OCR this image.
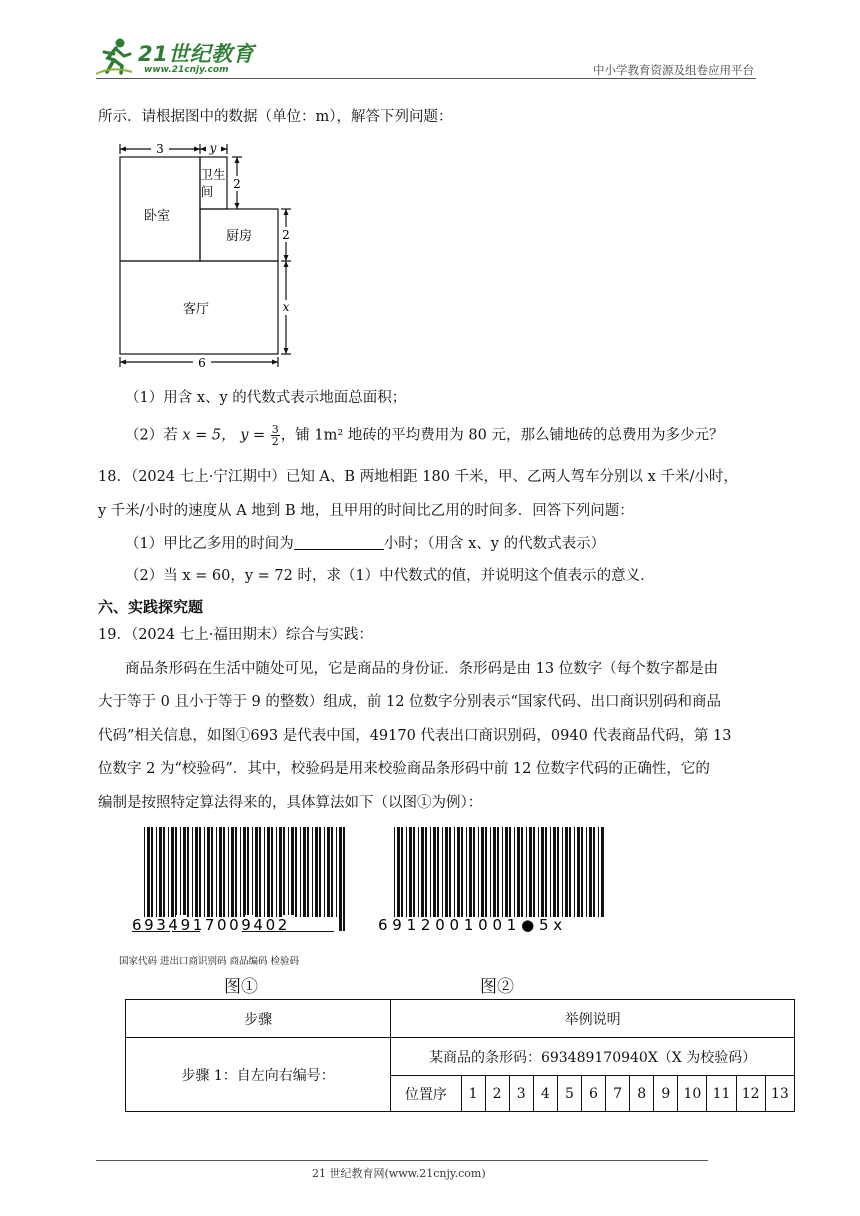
21世纪教育
www.21cnjy.com	中小学教育资源及组卷应用平台
所示．请根据图中的数据（单位：m），解答下列问题：
3	y
2
2
x
6
卫生
间
卧室
厨房
客厅
（1）用含 x、y 的代数式表示地面总面积；
（2）若 x = 5， $y = \frac{3}{2}$ ，铺 1m² 地砖的平均费用为 80 元，那么铺地砖的总费用为多少元？
18．（2024 七上·宁江期中）已知 A、B 两地相距 180 千米，甲、乙两人驾车分别以 x 千米/小时，
y 千米/小时的速度从 A 地到 B 地，且甲用的时间比乙用的时间多．回答下列问题：
（1）甲比乙多用的时间为	小时；（用含 x、y 的代数式表示）
（2）当 x = 60，y = 72 时，求（1）中代数式的值，并说明这个值表示的意义．
六、实践探究题
19．（2024 七上·福田期末）综合与实践：
商品条形码在生活中随处可见，它是商品的身份证．条形码是由 13 位数字（每个数字都是由
大于等于 0 且小于等于 9 的整数）组成，前 12 位数字分别表示“国家代码、出口商识别码和商品
代码”相关信息，如图①693 是代表中国，49170 代表出口商识别码，0940 代表商品代码，第 13
位数字 2 为“校验码”．其中，校验码是用来校验商品条形码中前 12 位数字代码的正确性，它的
编制是按照特定算法得来的，具体算法如下（以图①为例）：
6934917009402
国家代码 进出口商识别码 商品编码 检验码
图①
6 9 1 2 0 0 1 0 0 1 ● 5 x
图②
步骤	举例说明													
步骤 1：自左向右编号：	某商品的条形码：693489170940X（X 为校验码）													
	位置序	1	2	3	4	5	6	7	8	9	10	11	12	13
21 世纪教育网(www.21cnjy.com)
